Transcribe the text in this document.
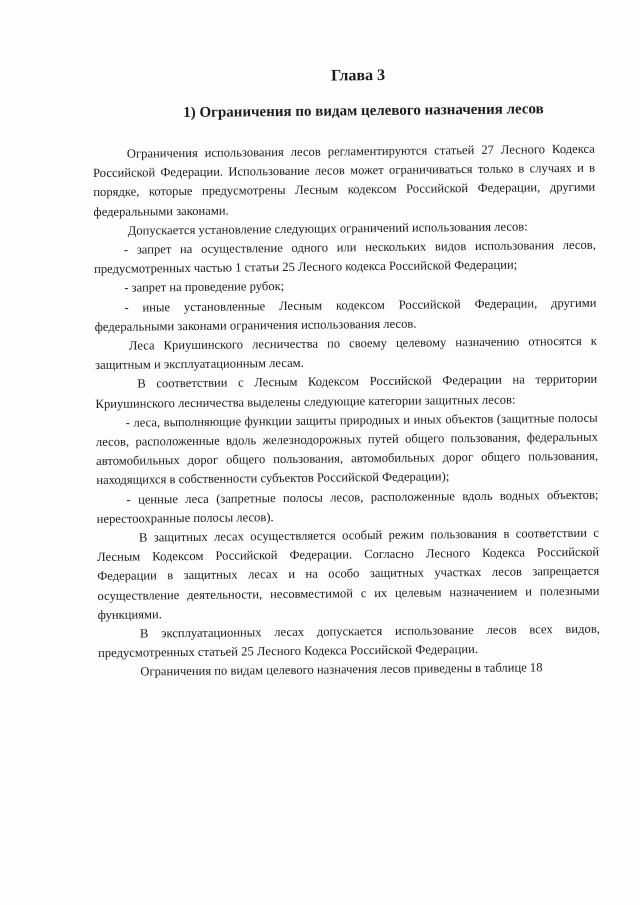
Глава 3
1) Ограничения по видам целевого назначения лесов

Ограничения использования лесов регламентируются статьей 27 Лесного Кодекса Российской Федерации. Использование лесов может ограничиваться только в случаях и в порядке, которые предусмотрены Лесным кодексом Российской Федерации, другими федеральными законами.

Допускается установление следующих ограничений использования лесов:

- запрет на осуществление одного или нескольких видов использования лесов, предусмотренных частью 1 статьи 25 Лесного кодекса Российской Федерации;

- запрет на проведение рубок;

- иные установленные Лесным кодексом Российской Федерации, другими федеральными законами ограничения использования лесов.

Леса Криушинского лесничества по своему целевому назначению относятся к защитным и эксплуатационным лесам.

В соответствии с Лесным Кодексом Российской Федерации на территории Криушинского лесничества выделены следующие категории защитных лесов:

- леса, выполняющие функции защиты природных и иных объектов (защитные полосы лесов, расположенные вдоль железнодорожных путей общего пользования, федеральных автомобильных дорог общего пользования, автомобильных дорог общего пользования, находящихся в собственности субъектов Российской Федерации);

- ценные леса (запретные полосы лесов, расположенные вдоль водных объектов; нерестоохранные полосы лесов).

В защитных лесах осуществляется особый режим пользования в соответствии с Лесным Кодексом Российской Федерации. Согласно Лесного Кодекса Российской Федерации в защитных лесах и на особо защитных участках лесов запрещается осуществление деятельности, несовместимой с их целевым назначением и полезными функциями.

В эксплуатационных лесах допускается использование лесов всех видов, предусмотренных статьей 25 Лесного Кодекса Российской Федерации.

Ограничения по видам целевого назначения лесов приведены в таблице 18
